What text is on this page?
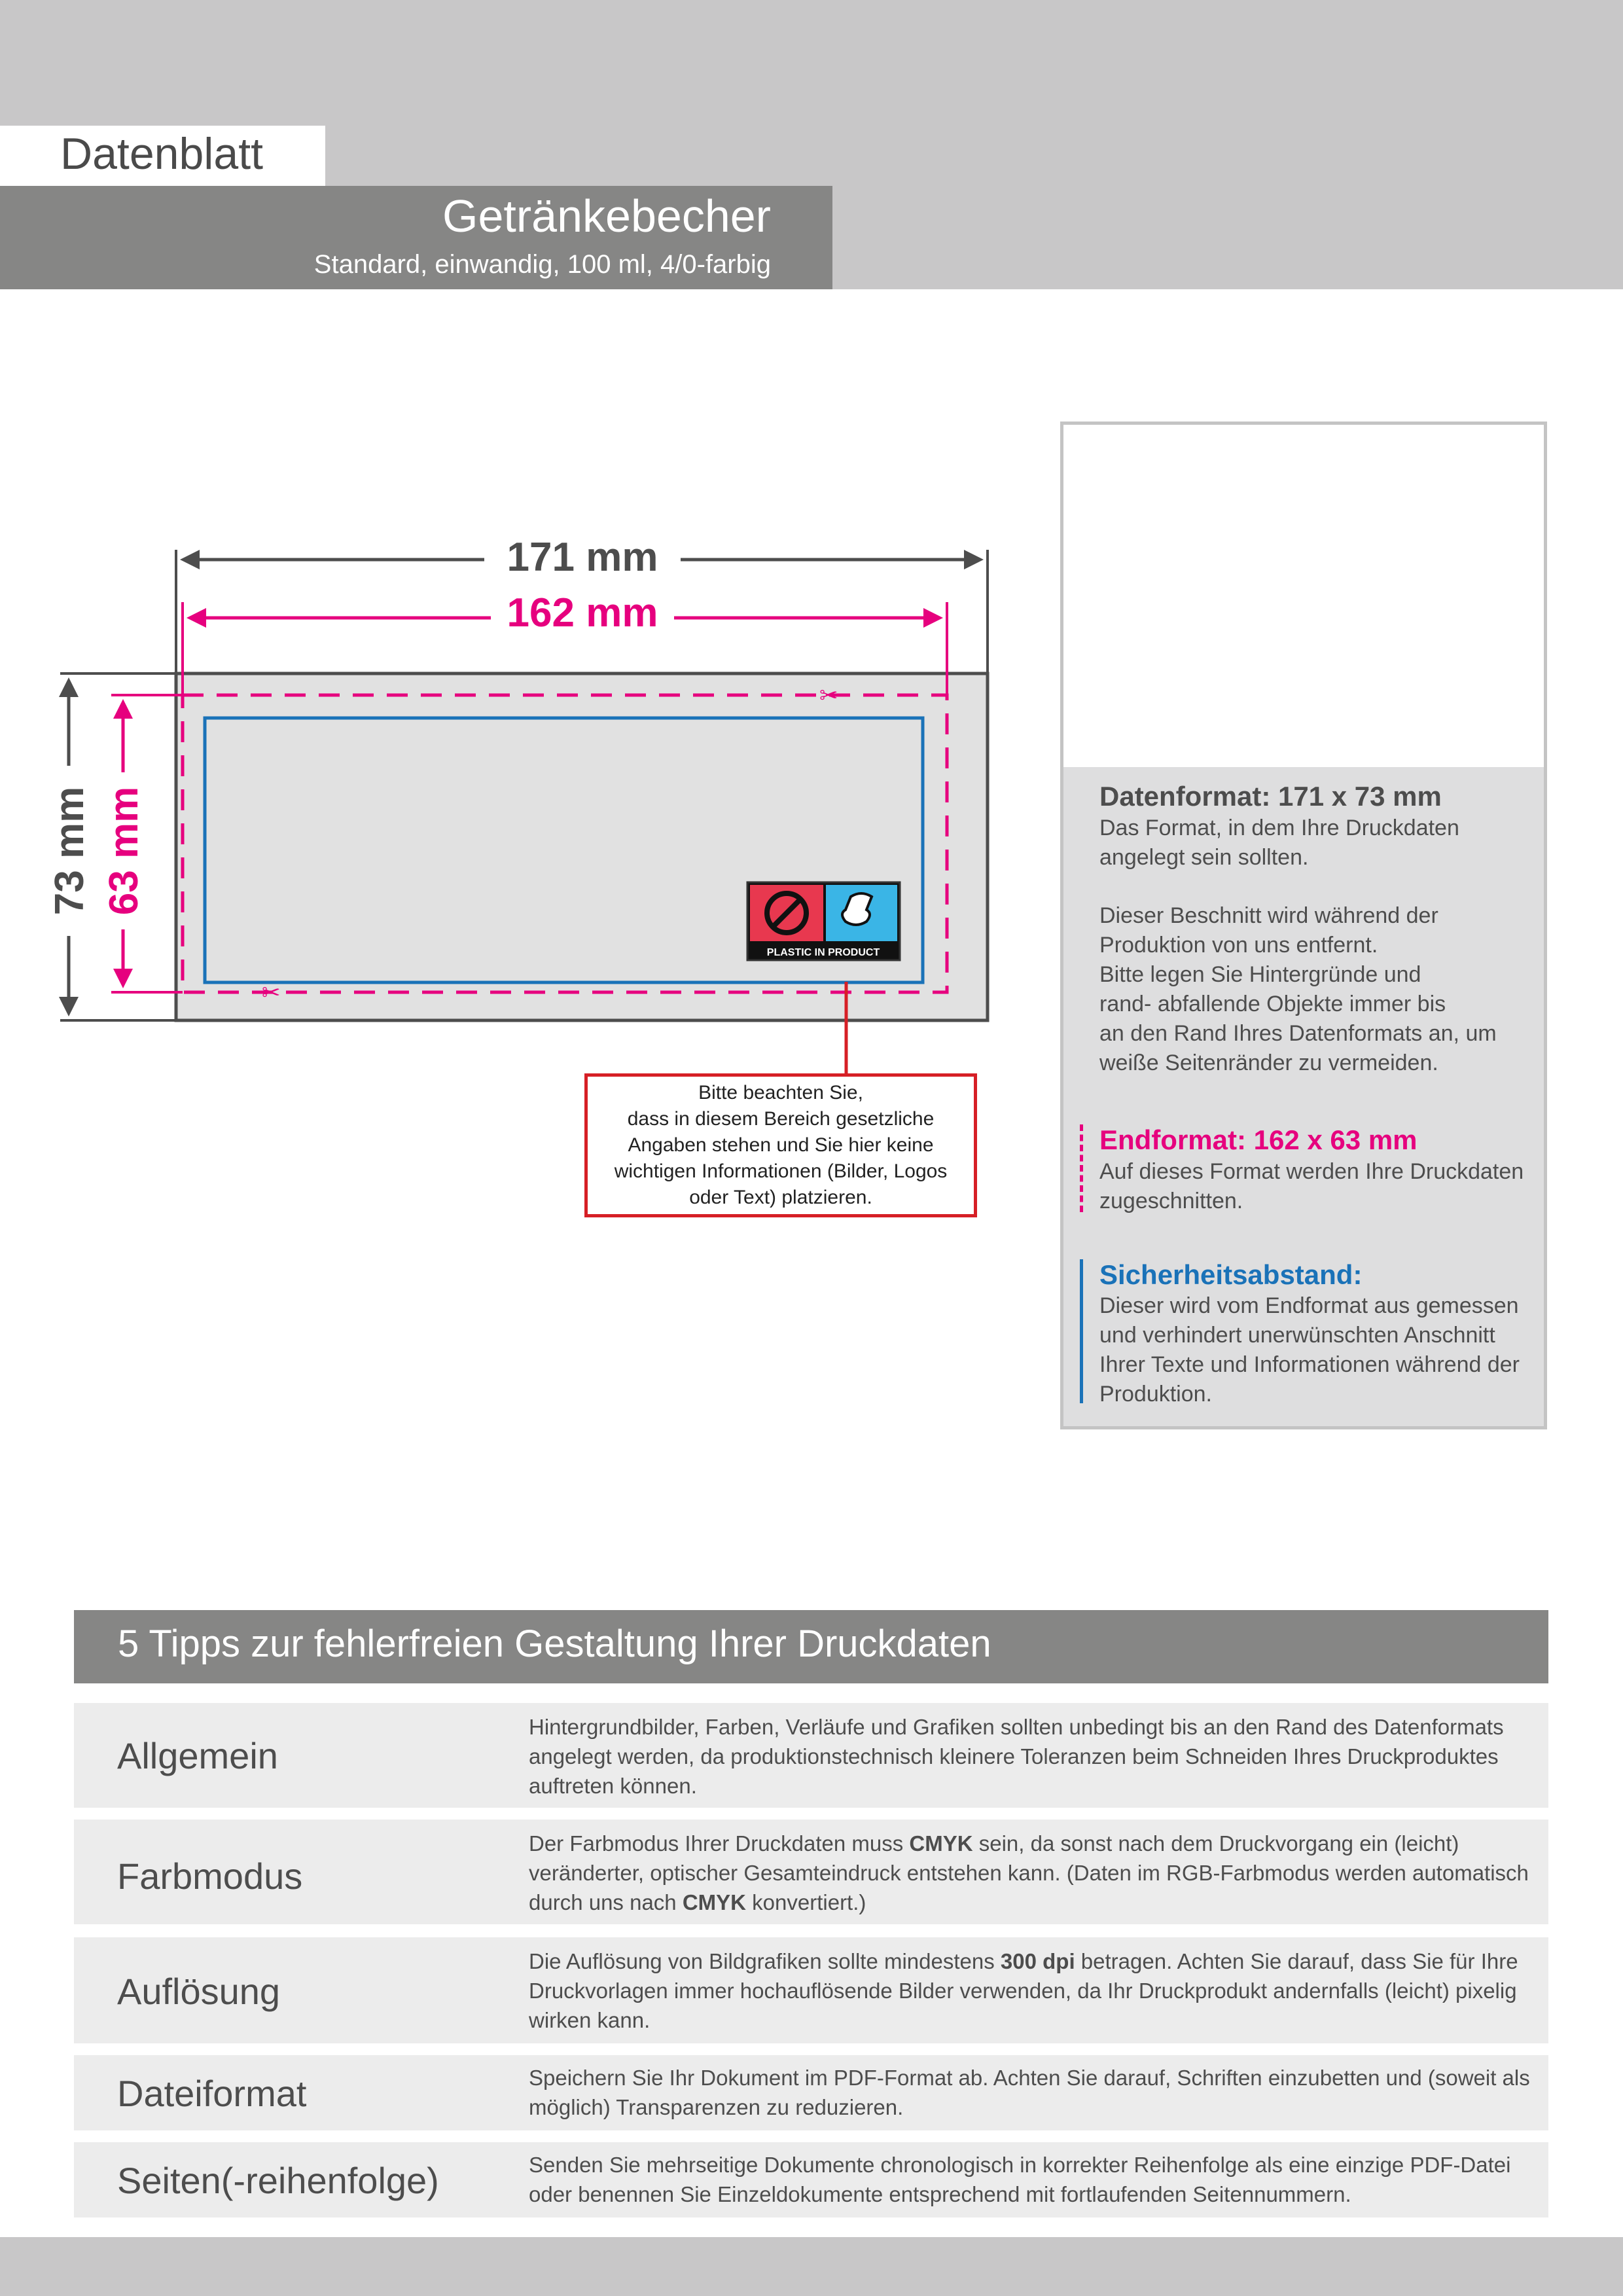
Datenblatt
Getränkebecher
Standard, einwandig, 100 ml, 4/0-farbig
✂
✂
171 mm
162 mm
73 mm 63 mm
PLASTIC IN PRODUCT
Bitte beachten Sie,
dass in diesem Bereich gesetzliche
Angaben stehen und Sie hier keine
wichtigen Informationen (Bilder, Logos
oder Text) platzieren.
Datenformat: 171 x 73 mm
Das Format, in dem Ihre Druckdaten
angelegt sein sollten.
Dieser Beschnitt wird während der
Produktion von uns entfernt.
Bitte legen Sie Hintergründe und
rand- abfallende Objekte immer bis
an den Rand Ihres Datenformats an, um
weiße Seitenränder zu vermeiden.
Endformat: 162 x 63 mm
Auf dieses Format werden Ihre Druckdaten
zugeschnitten.
Sicherheitsabstand:
Dieser wird vom Endformat aus gemessen
und verhindert unerwünschten Anschnitt
Ihrer Texte und Informationen während der
Produktion.
5 Tipps zur fehlerfreien Gestaltung Ihrer Druckdaten
Allgemein
Hintergrundbilder, Farben, Verläufe und Grafiken sollten unbedingt bis an den Rand des Datenformats angelegt werden, da produktionstechnisch kleinere Toleranzen beim Schneiden Ihres Druckproduktes auftreten können.
Farbmodus
Der Farbmodus Ihrer Druckdaten muss CMYK sein, da sonst nach dem Druckvorgang ein (leicht) veränderter, optischer Gesamteindruck entstehen kann. (Daten im RGB-Farbmodus werden automatisch durch uns nach CMYK konvertiert.)
Auflösung
Die Auflösung von Bildgrafiken sollte mindestens 300 dpi betragen. Achten Sie darauf, dass Sie für Ihre Druckvorlagen immer hochauflösende Bilder verwenden, da Ihr Druckprodukt andernfalls (leicht) pixelig wirken kann.
Dateiformat	Speichern Sie Ihr Dokument im PDF-Format ab. Achten Sie darauf, Schriften einzubetten und (soweit als möglich) Transparenzen zu reduzieren.
Seiten(-reihenfolge)	Senden Sie mehrseitige Dokumente chronologisch in korrekter Reihenfolge als eine einzige PDF-Datei oder benennen Sie Einzeldokumente entsprechend mit fortlaufenden Seitennummern.
